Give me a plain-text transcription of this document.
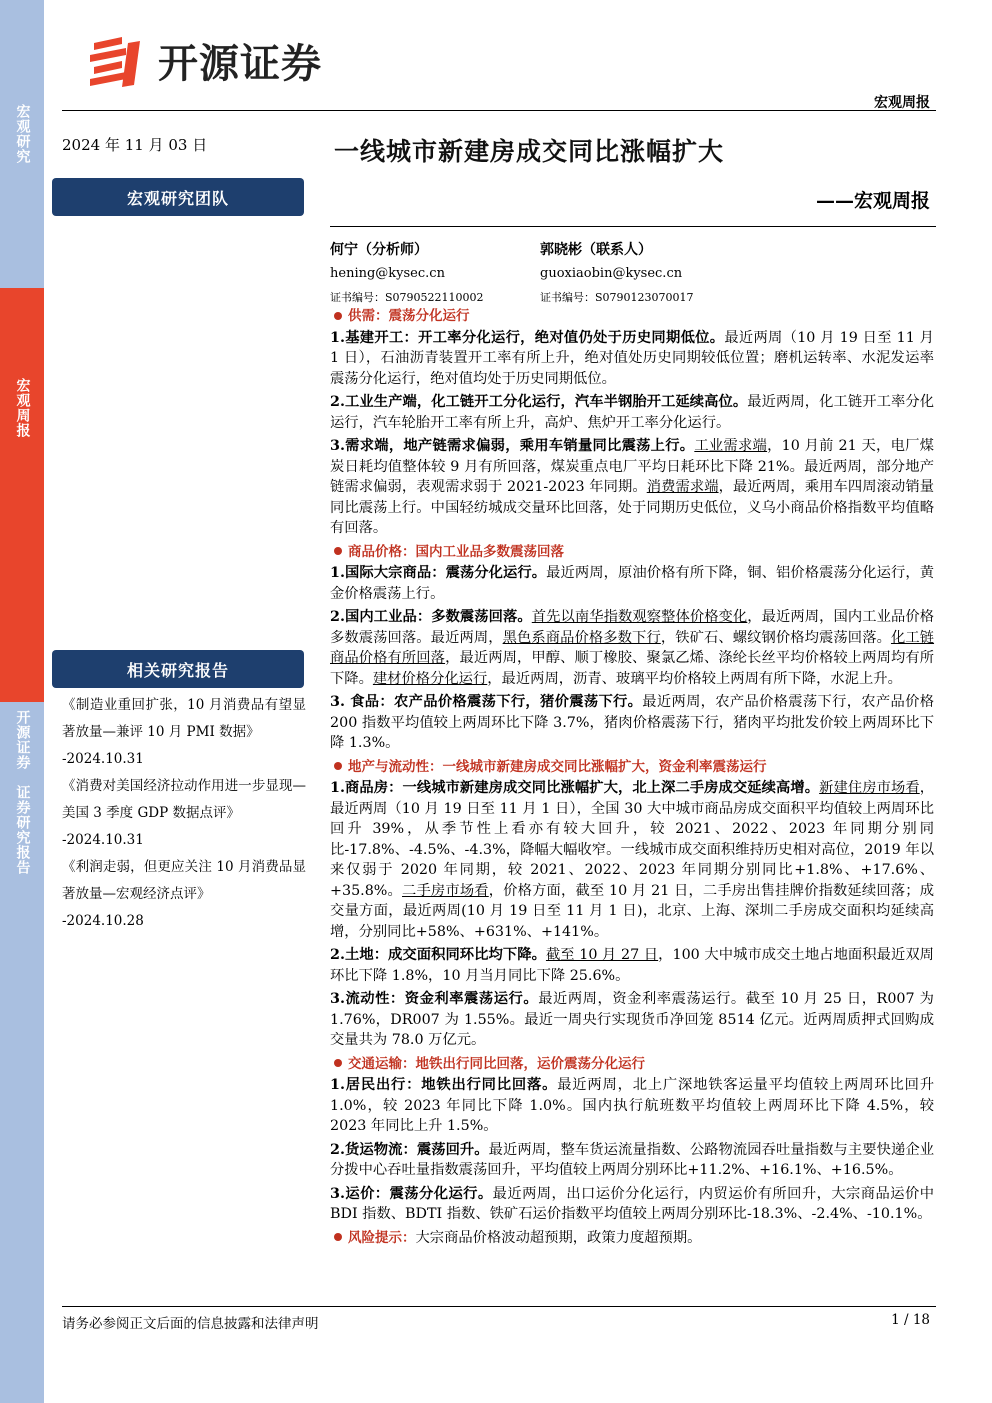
宏观研究
宏观周报
开源证券　证券研究报告
开源证券
宏观周报
2024 年 11 月 03 日	一线城市新建房成交同比涨幅扩大
——宏观周报
宏观研究团队
相关研究报告
《制造业重回扩张，10 月消费品有望显著放量—兼评 10 月 PMI 数据》
-2024.10.31
《消费对美国经济拉动作用进一步显现—美国 3 季度 GDP 数据点评》
-2024.10.31
《利润走弱，但更应关注 10 月消费品显著放量—宏观经济点评》
-2024.10.28
何宁（分析师）
hening@kysec.cn
证书编号：S0790522110002
郭晓彬（联系人）
guoxiaobin@kysec.cn
证书编号：S0790123070017
供需：震荡分化运行

1.基建开工：开工率分化运行，绝对值仍处于历史同期低位。最近两周（10 月 19 日至 11 月 1 日），石油沥青装置开工率有所上升，绝对值处历史同期较低位置；磨机运转率、水泥发运率震荡分化运行，绝对值均处于历史同期低位。

2.工业生产端，化工链开工分化运行，汽车半钢胎开工延续高位。最近两周，化工链开工率分化运行，汽车轮胎开工率有所上升，高炉、焦炉开工率分化运行。

3.需求端，地产链需求偏弱，乘用车销量同比震荡上行。工业需求端，10 月前 21 天，电厂煤炭日耗均值整体较 9 月有所回落，煤炭重点电厂平均日耗环比下降 21%。最近两周，部分地产链需求偏弱，表观需求弱于 2021-2023 年同期。消费需求端，最近两周，乘用车四周滚动销量同比震荡上行。中国轻纺城成交量环比回落，处于同期历史低位，义乌小商品价格指数平均值略有回落。

商品价格：国内工业品多数震荡回落

1.国际大宗商品：震荡分化运行。最近两周，原油价格有所下降，铜、铝价格震荡分化运行，黄金价格震荡上行。

2.国内工业品：多数震荡回落。首先以南华指数观察整体价格变化，最近两周，国内工业品价格多数震荡回落。最近两周，黑色系商品价格多数下行，铁矿石、螺纹钢价格均震荡回落。化工链商品价格有所回落，最近两周，甲醇、顺丁橡胶、聚氯乙烯、涤纶长丝平均价格较上两周均有所下降。建材价格分化运行，最近两周，沥青、玻璃平均价格较上两周有所下降，水泥上升。

3. 食品：农产品价格震荡下行，猪价震荡下行。最近两周，农产品价格震荡下行，农产品价格 200 指数平均值较上两周环比下降 3.7%，猪肉价格震荡下行，猪肉平均批发价较上两周环比下降 1.3%。

地产与流动性：一线城市新建房成交同比涨幅扩大，资金利率震荡运行

1.商品房：一线城市新建房成交同比涨幅扩大，北上深二手房成交延续高增。新建住房市场看，最近两周（10 月 19 日至 11 月 1 日），全国 30 大中城市商品房成交面积平均值较上两周环比回升 39%，从季节性上看亦有较大回升，较 2021、2022、2023 年同期分别同比-17.8%、-4.5%、-4.3%，降幅大幅收窄。一线城市成交面积维持历史相对高位，2019 年以来仅弱于 2020 年同期，较 2021、2022、2023 年同期分别同比+1.8%、+17.6%、+35.8%。二手房市场看，价格方面，截至 10 月 21 日，二手房出售挂牌价指数延续回落；成交量方面，最近两周(10 月 19 日至 11 月 1 日)，北京、上海、深圳二手房成交面积均延续高增，分别同比+58%、+631%、+141%。

2.土地：成交面积同环比均下降。截至 10 月 27 日，100 大中城市成交土地占地面积最近双周环比下降 1.8%，10 月当月同比下降 25.6%。

3.流动性：资金利率震荡运行。最近两周，资金利率震荡运行。截至 10 月 25 日，R007 为 1.76%，DR007 为 1.55%。最近一周央行实现货币净回笼 8514 亿元。近两周质押式回购成交量共为 78.0 万亿元。

交通运输：地铁出行同比回落，运价震荡分化运行

1.居民出行：地铁出行同比回落。最近两周，北上广深地铁客运量平均值较上两周环比回升 1.0%，较 2023 年同比下降 1.0%。国内执行航班数平均值较上两周环比下降 4.5%，较 2023 年同比上升 1.5%。

2.货运物流：震荡回升。最近两周，整车货运流量指数、公路物流园吞吐量指数与主要快递企业分拨中心吞吐量指数震荡回升，平均值较上两周分别环比+11.2%、+16.1%、+16.5%。

3.运价：震荡分化运行。最近两周，出口运价分化运行，内贸运价有所回升，大宗商品运价中 BDI 指数、BDTI 指数、铁矿石运价指数平均值较上两周分别环比-18.3%、-2.4%、-10.1%。

风险提示：大宗商品价格波动超预期，政策力度超预期。

请务必参阅正文后面的信息披露和法律声明	1 / 18
